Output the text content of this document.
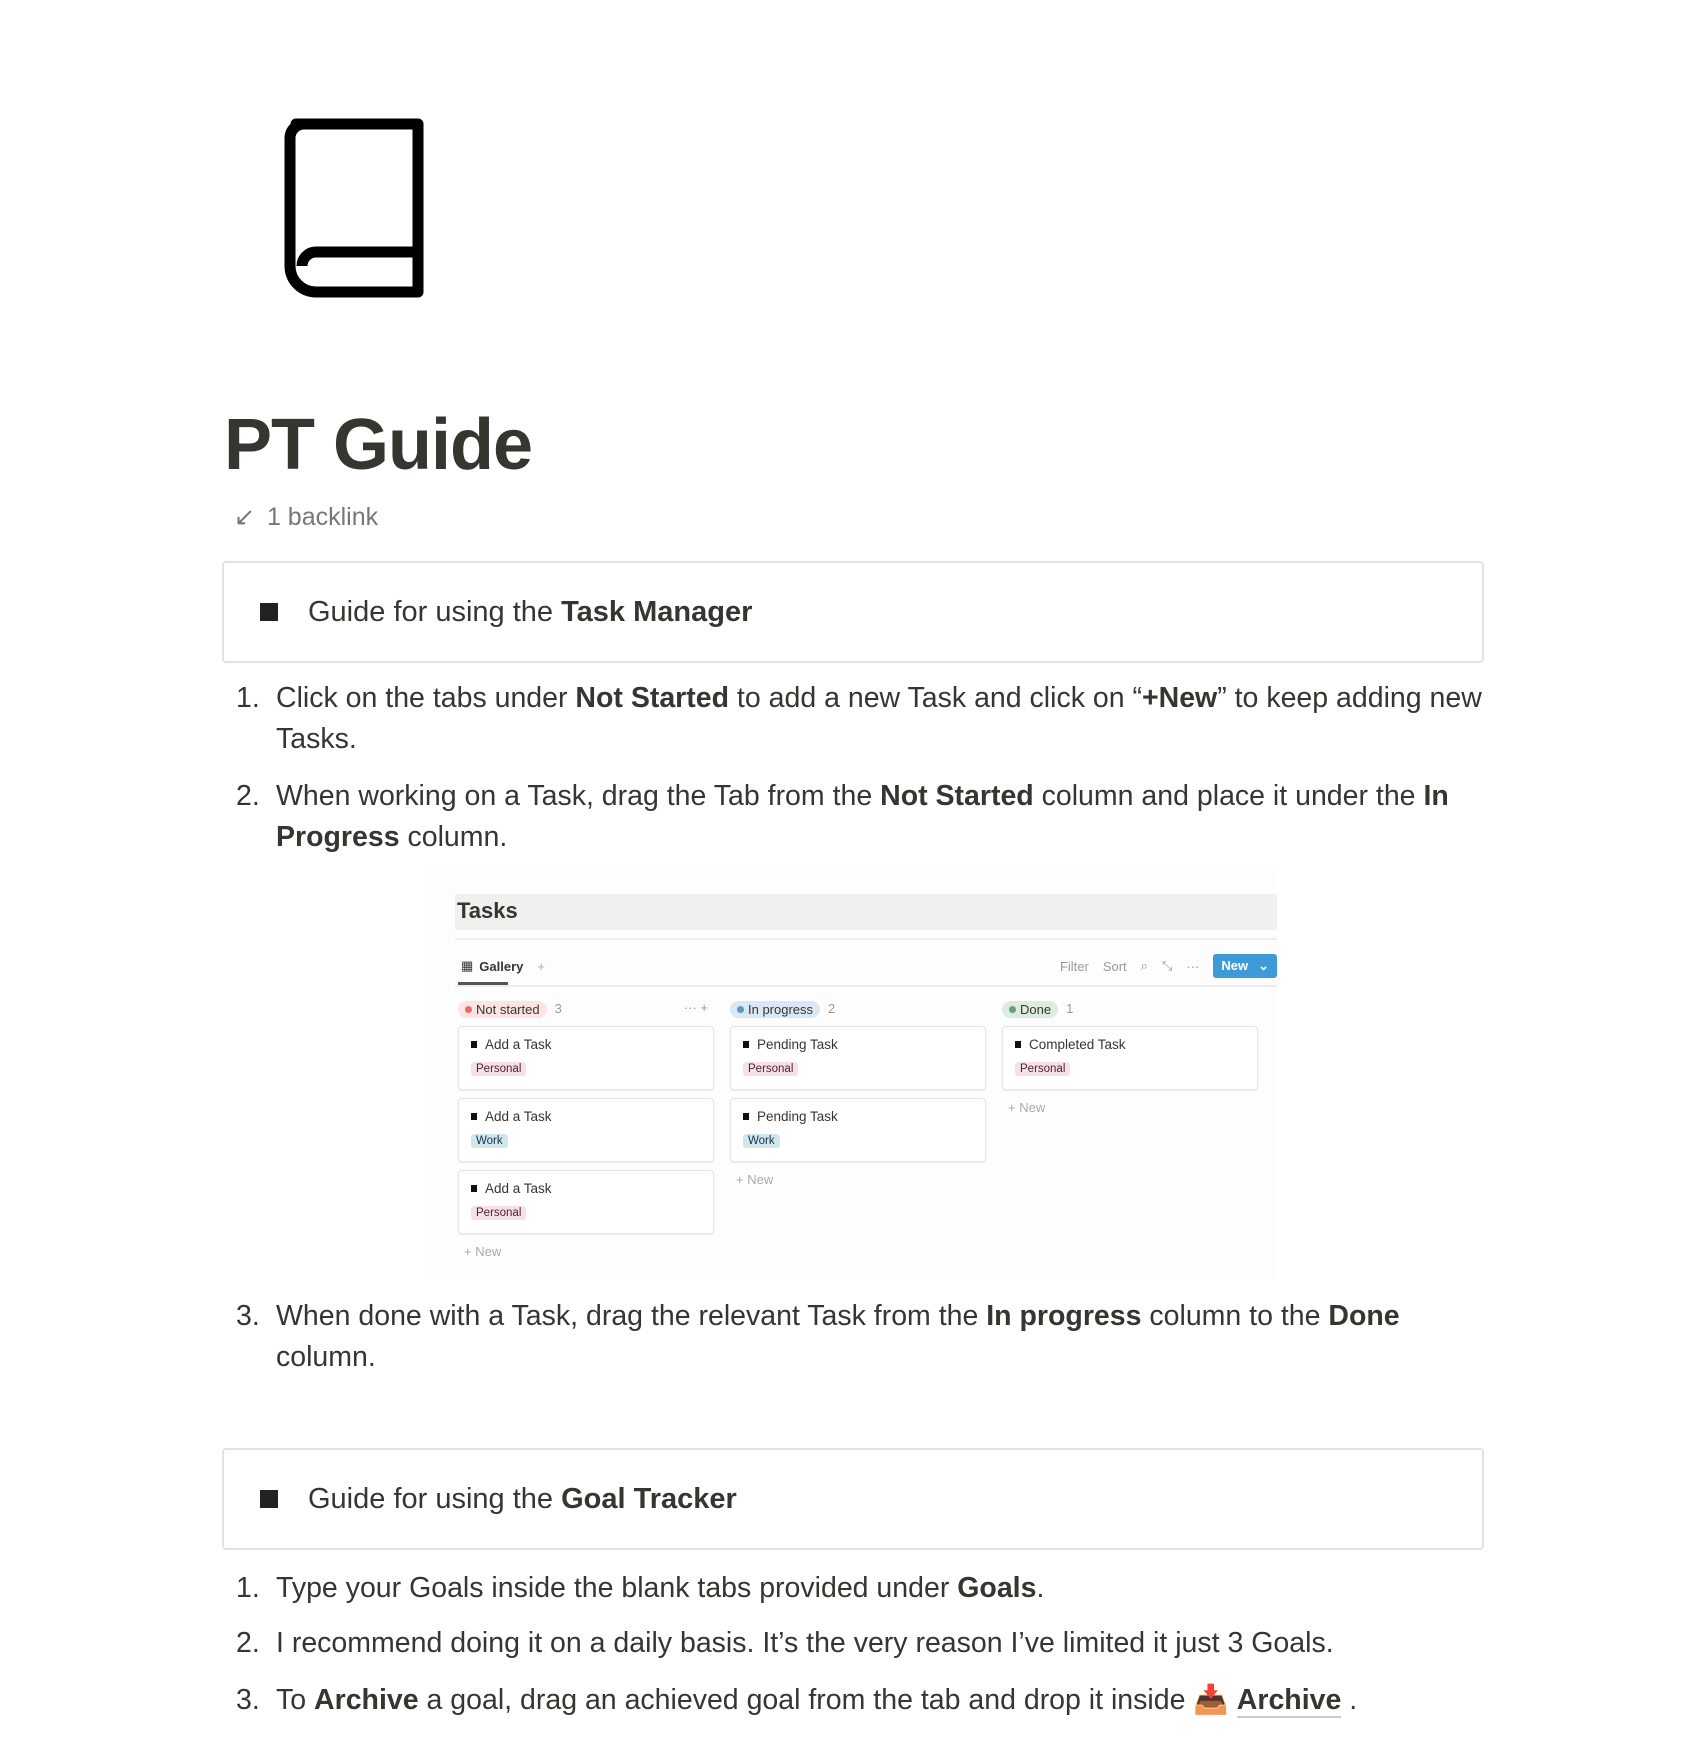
PT Guide
↙ 1 backlink
Guide for using the Task Manager
Tasks
▦ Gallery +	Filter Sort ⌕ ⤡ ··· New ⌄
Not started 3	··· +
Add a Task
Personal
Add a Task
Work
Add a Task
Personal
+ New
In progress 2
Pending Task
Personal
Pending Task
Work
+ New
Done 1
Completed Task
Personal
+ New
Guide for using the Goal Tracker
1. Click on the tabs under Not Started to add a new Task and click on “+New” to keep adding new Tasks.
2. When working on a Task, drag the Tab from the Not Started column and place it under the In Progress column.
3. When done with a Task, drag the relevant Task from the In progress column to the Done column.
1. Type your Goals inside the blank tabs provided under Goals.
2. I recommend doing it on a daily basis. It’s the very reason I’ve limited it just 3 Goals.
3. To Archive a goal, drag an achieved goal from the tab and drop it inside 📥 Archive .
